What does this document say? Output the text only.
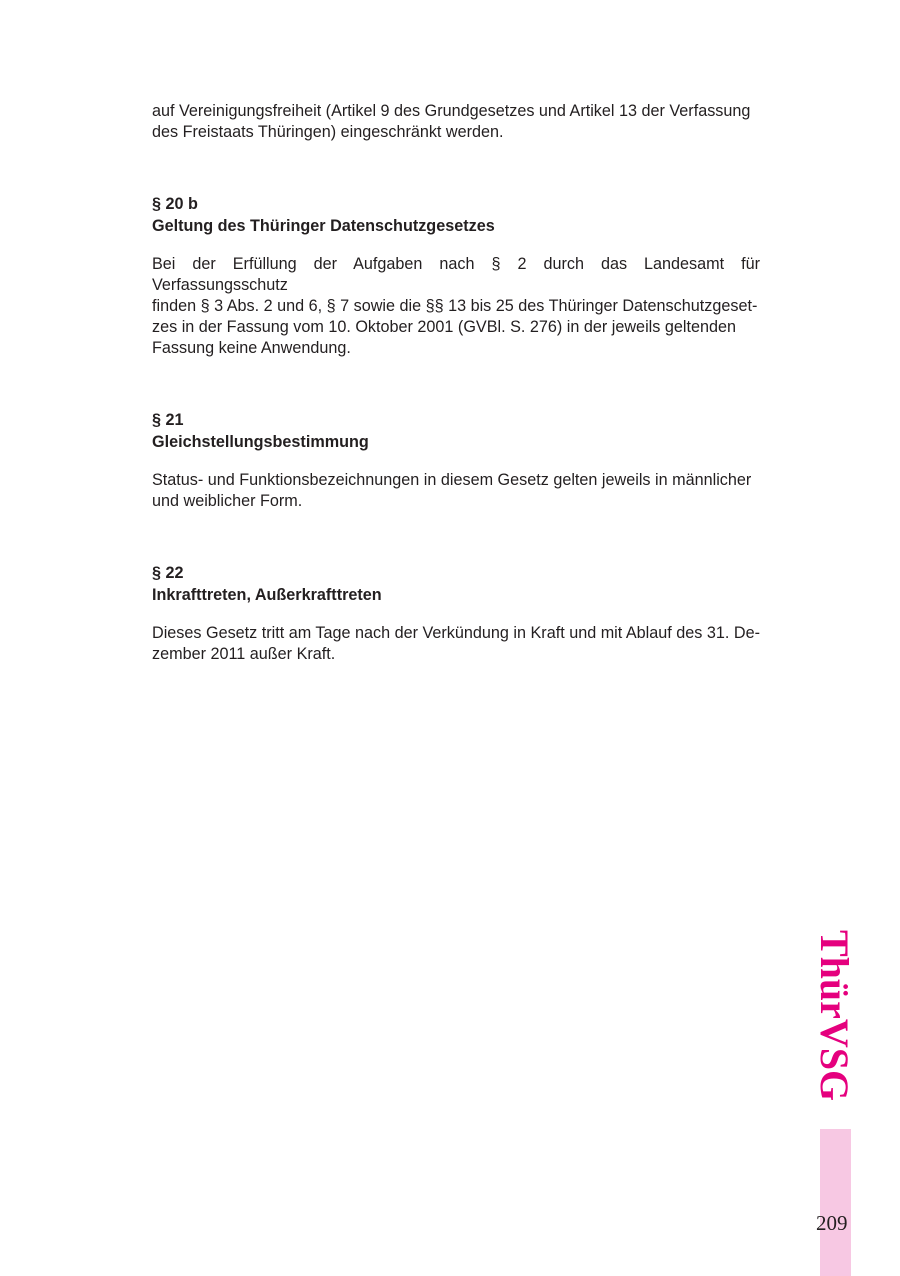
auf Vereinigungsfreiheit (Artikel 9 des Grundgesetzes und Artikel 13 der Verfassung
des Freistaats Thüringen) eingeschränkt werden.

§ 20 b

Geltung des Thüringer Datenschutzgesetzes

Bei der Erfüllung der Aufgaben nach § 2 durch das Landesamt für Verfassungsschutz
finden § 3 Abs. 2 und 6, § 7 sowie die §§ 13 bis 25 des Thüringer Datenschutzgeset-
zes in der Fassung vom 10. Oktober 2001 (GVBl. S. 276) in der jeweils geltenden
Fassung keine Anwendung.

§ 21

Gleichstellungsbestimmung

Status- und Funktionsbezeichnungen in diesem Gesetz gelten jeweils in männlicher
und weiblicher Form.

§ 22

Inkrafttreten, Außerkrafttreten

Dieses Gesetz tritt am Tage nach der Verkündung in Kraft und mit Ablauf des 31. De-
zember 2011 außer Kraft.

ThürVSG
209
